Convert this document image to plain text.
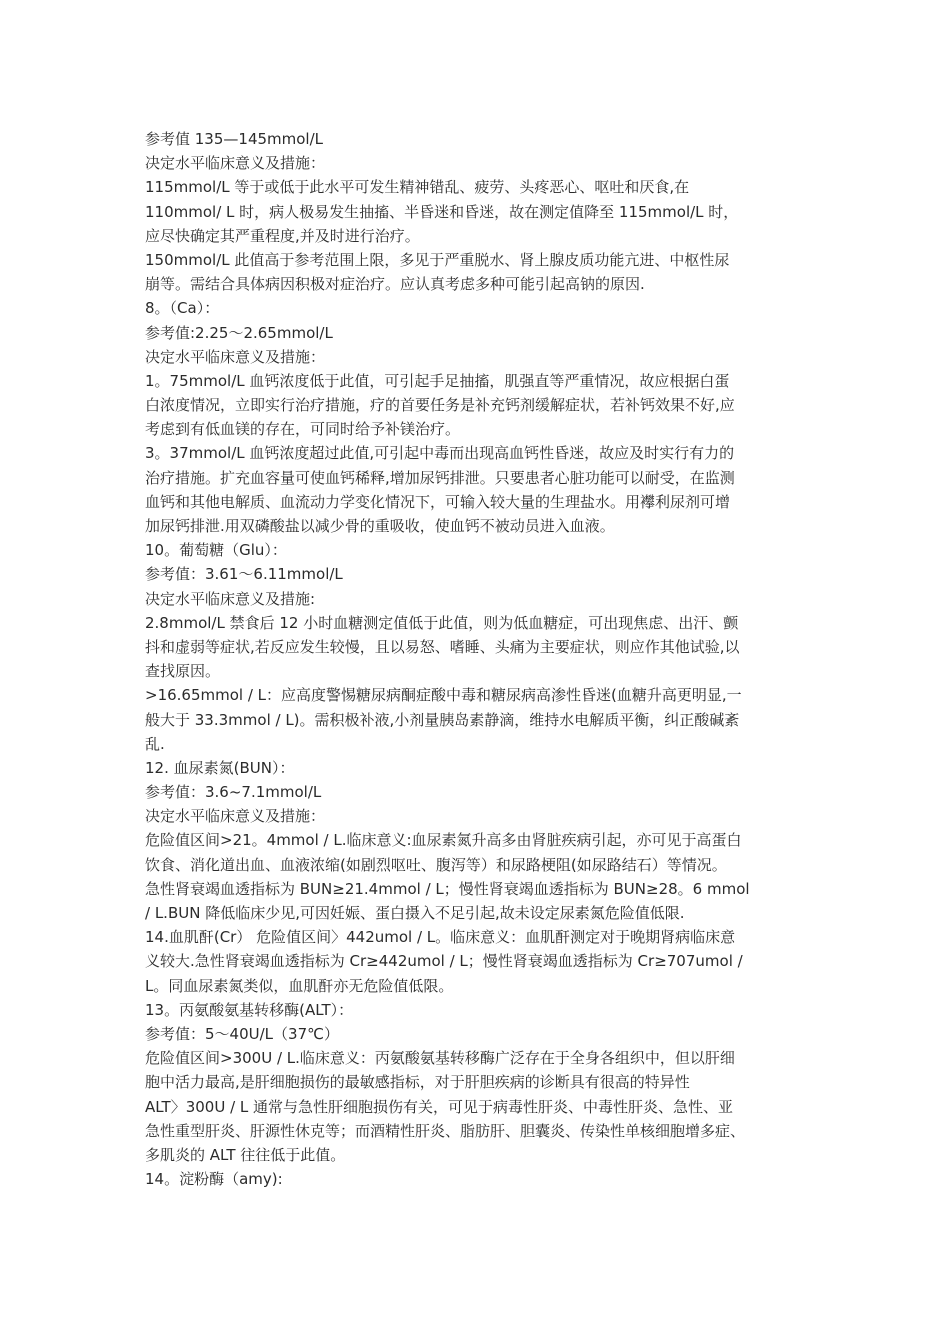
参考值 135—145mmol/L
决定水平临床意义及措施：
115mmol/L 等于或低于此水平可发生精神错乱、疲劳、头疼恶心、呕吐和厌食,在
110mmol/ L 时，病人极易发生抽搐、半昏迷和昏迷，故在测定值降至 115mmol/L 时，
应尽快确定其严重程度,并及时进行治疗。
150mmol/L 此值高于参考范围上限，多见于严重脱水、肾上腺皮质功能亢进、中枢性尿
崩等。需结合具体病因积极对症治疗。应认真考虑多种可能引起高钠的原因.
8。（Ca）：
参考值:2.25～2.65mmol/L
决定水平临床意义及措施：
1。75mmol/L 血钙浓度低于此值，可引起手足抽搐，肌强直等严重情况，故应根据白蛋
白浓度情况，立即实行治疗措施，疗的首要任务是补充钙剂缓解症状，若补钙效果不好,应
考虑到有低血镁的存在，可同时给予补镁治疗。
3。37mmol/L 血钙浓度超过此值,可引起中毒而出现高血钙性昏迷，故应及时实行有力的
治疗措施。扩充血容量可使血钙稀释,增加尿钙排泄。只要患者心脏功能可以耐受，在监测
血钙和其他电解质、血流动力学变化情况下，可输入较大量的生理盐水。用襻利尿剂可增
加尿钙排泄.用双磷酸盐以减少骨的重吸收，使血钙不被动员进入血液。
10。葡萄糖（Glu）：
参考值：3.61～6.11mmol/L
决定水平临床意义及措施:
2.8mmol/L 禁食后 12 小时血糖测定值低于此值，则为低血糖症，可出现焦虑、出汗、颤
抖和虚弱等症状,若反应发生较慢，且以易怒、嗜睡、头痛为主要症状，则应作其他试验,以
查找原因。
>16.65mmol / L：应高度警惕糖尿病酮症酸中毒和糖尿病高渗性昏迷(血糖升高更明显,一
般大于 33.3mmol / L)。需积极补液,小剂量胰岛素静滴，维持水电解质平衡，纠正酸碱紊
乱.
12. 血尿素氮(BUN）：
参考值：3.6~7.1mmol/L
决定水平临床意义及措施：
危险值区间>21。4mmol / L.临床意义:血尿素氮升高多由肾脏疾病引起，亦可见于高蛋白
饮食、消化道出血、血液浓缩(如剧烈呕吐、腹泻等）和尿路梗阻(如尿路结石）等情况。
急性肾衰竭血透指标为 BUN≥21.4mmol / L；慢性肾衰竭血透指标为 BUN≥28。6 mmol
/ L.BUN 降低临床少见,可因妊娠、蛋白摄入不足引起,故未设定尿素氮危险值低限.
14.血肌酐(Cr） 危险值区间〉442umol / L。临床意义：血肌酐测定对于晚期肾病临床意
义较大.急性肾衰竭血透指标为 Cr≥442umol / L；慢性肾衰竭血透指标为 Cr≥707umol /
L。同血尿素氮类似，血肌酐亦无危险值低限。
13。丙氨酸氨基转移酶(ALT）：
参考值：5～40U/L（37℃）
危险值区间>300U / L.临床意义：丙氨酸氨基转移酶广泛存在于全身各组织中，但以肝细
胞中活力最高,是肝细胞损伤的最敏感指标，对于肝胆疾病的诊断具有很高的特异性
ALT〉300U / L 通常与急性肝细胞损伤有关，可见于病毒性肝炎、中毒性肝炎、急性、亚
急性重型肝炎、肝源性休克等；而酒精性肝炎、脂肪肝、胆囊炎、传染性单核细胞增多症、
多肌炎的 ALT 往往低于此值。
14。淀粉酶（amy):
